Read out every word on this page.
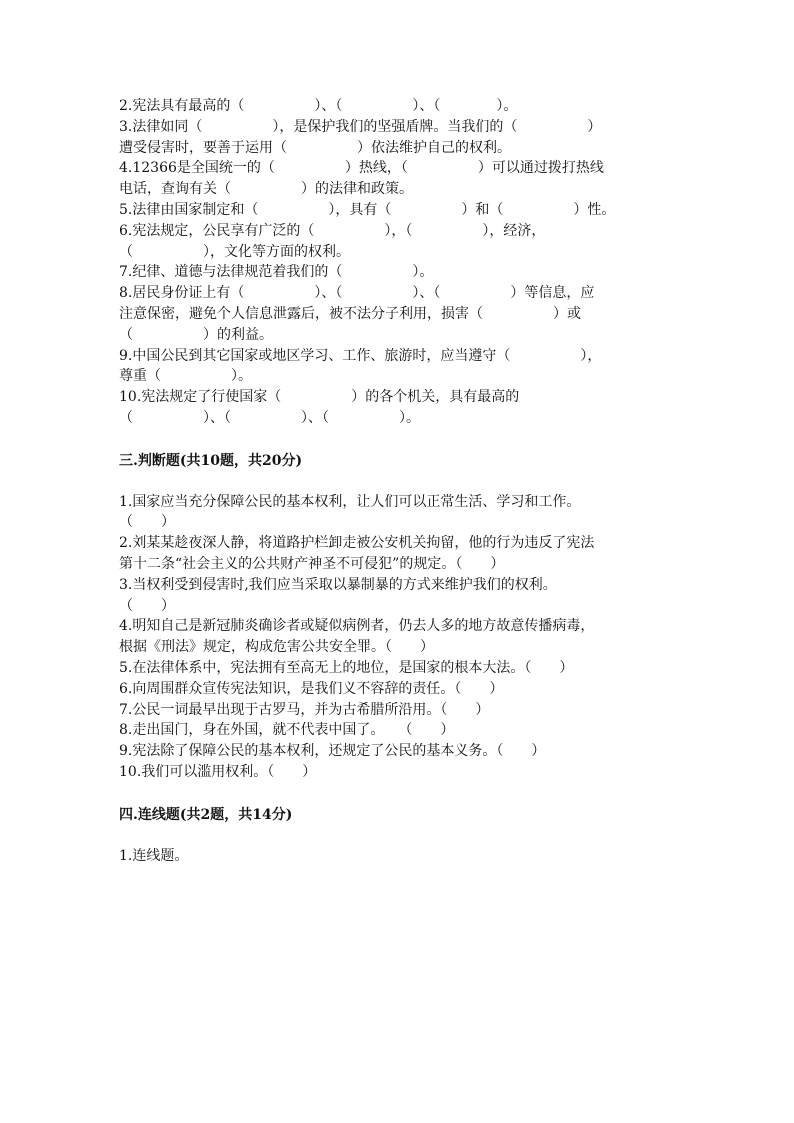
2.宪法具有最高的（　　　　　）、（　　　　　）、（　　　　）。
3.法律如同（　　　　　），是保护我们的坚强盾牌。当我们的（　　　　　）
遭受侵害时，要善于运用（　　　　　）依法维护自己的权利。
4.12366是全国统一的（　　　　　）热线，（　　　　　）可以通过拨打热线
电话，查询有关（　　　　　）的法律和政策。
5.法律由国家制定和（　　　　　），具有（　　　　　）和（　　　　　）性。
6.宪法规定，公民享有广泛的（　　　　　），（　　　　　），经济，
（　　　　　），文化等方面的权利。
7.纪律、道德与法律规范着我们的（　　　　　）。
8.居民身份证上有（　　　　　）、（　　　　　）、（　　　　　）等信息，应
注意保密，避免个人信息泄露后，被不法分子利用，损害（　　　　　）或
（　　　　　）的利益。
9.中国公民到其它国家或地区学习、工作、旅游时，应当遵守（　　　　　），
尊重（　　　　　）。
10.宪法规定了行使国家（　　　　　）的各个机关，具有最高的
（　　　　　）、（　　　　　）、（　　　　　）。
三.判断题(共10题，共20分)
1.国家应当充分保障公民的基本权利，让人们可以正常生活、学习和工作。
（　　）
2.刘某某趁夜深人静，将道路护栏卸走被公安机关拘留，他的行为违反了宪法
第十二条“社会主义的公共财产神圣不可侵犯”的规定。（　　）
3.当权利受到侵害时,我们应当采取以暴制暴的方式来维护我们的权利。
（　　）
4.明知自己是新冠肺炎确诊者或疑似病例者，仍去人多的地方故意传播病毒，
根据《刑法》规定，构成危害公共安全罪。（　　）
5.在法律体系中，宪法拥有至高无上的地位，是国家的根本大法。（　　）
6.向周围群众宣传宪法知识，是我们义不容辞的责任。（　　）
7.公民一词最早出现于古罗马，并为古希腊所沿用。（　　）
8.走出国门，身在外国，就不代表中国了。　　（　　）
9.宪法除了保障公民的基本权利，还规定了公民的基本义务。（　　）
10.我们可以滥用权利。（　　）
四.连线题(共2题，共14分)
1.连线题。
